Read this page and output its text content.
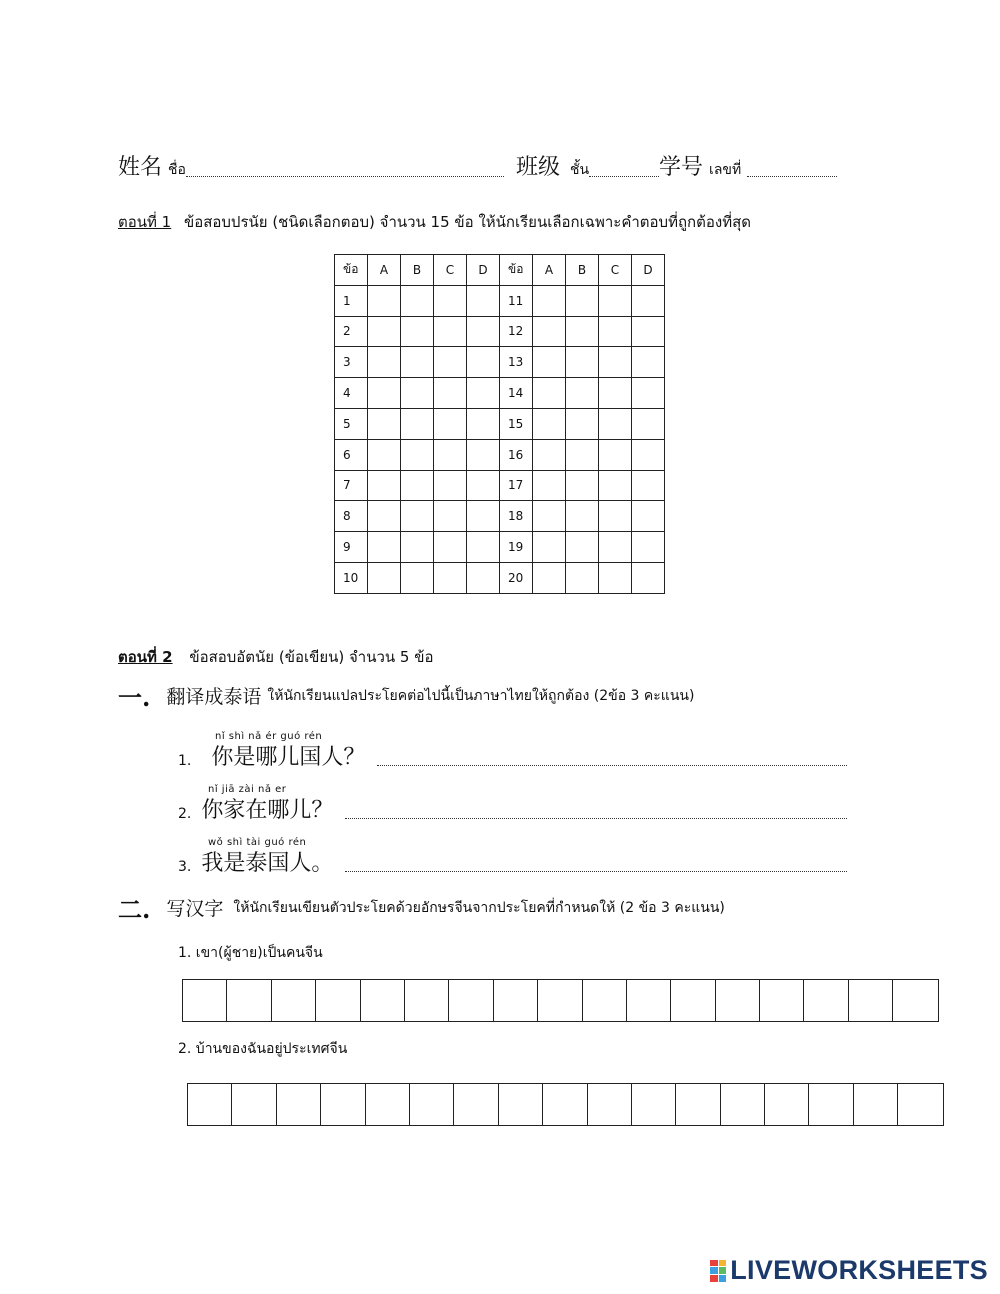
姓名 ชื่อ	班级 ชั้น	学号 เลขที่
ตอนที่ 1 ข้อสอบปรนัย (ชนิดเลือกตอบ) จำนวน 15 ข้อ ให้นักเรียนเลือกเฉพาะคำตอบที่ถูกต้องที่สุด
ข้อ	A	B	C	D	ข้อ	A	B	C	D
1					11				
2					12				
3					13				
4					14				
5					15				
6					16				
7					17				
8					18				
9					19				
10					20				
ตอนที่ 2 ข้อสอบอัตนัย (ข้อเขียน) จำนวน 5 ข้อ
一. 翻译成泰语 ให้นักเรียนแปลประโยคต่อไปนี้เป็นภาษาไทยให้ถูกต้อง (2ข้อ 3 คะแนน)
nǐ shì nǎ ér guó rén
1. 你是哪儿国人？
nǐ jiā zài nǎ er
2. 你家在哪儿？
wǒ shì tài guó rén
3. 我是泰国人。
二. 写汉字 ให้นักเรียนเขียนตัวประโยคด้วยอักษรจีนจากประโยคที่กำหนดให้ (2 ข้อ 3 คะแนน)
1. เขา(ผู้ชาย)เป็นคนจีน
2. บ้านของฉันอยู่ประเทศจีน
LIVEWORKSHEETS
